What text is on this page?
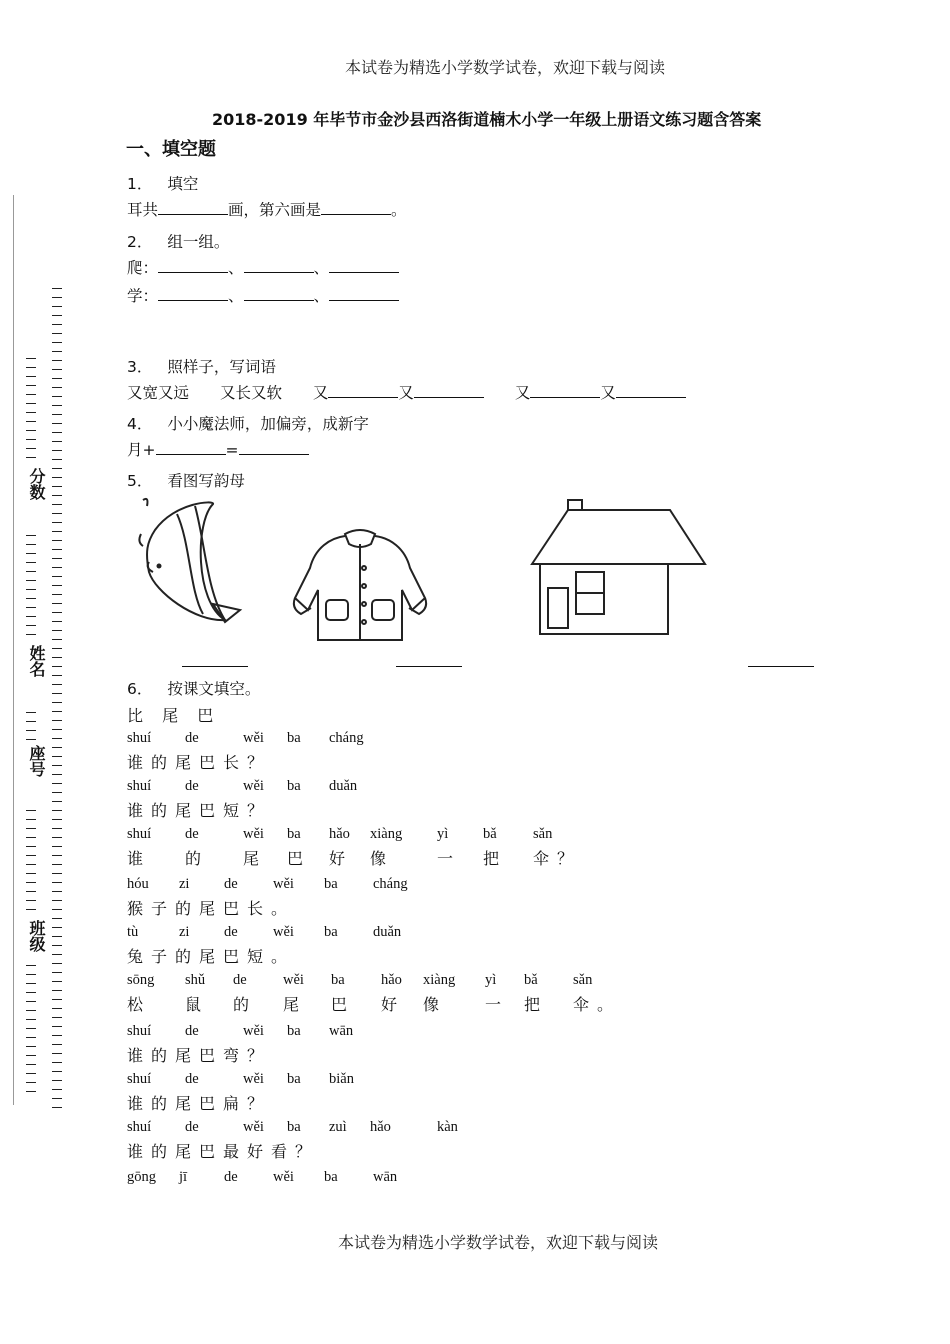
本试卷为精选小学数学试卷，欢迎下载与阅读
2018-2019 年毕节市金沙县西洛街道楠木小学一年级上册语文练习题含答案
一、填空题
分数
姓名
座号
班级
1． 填空
耳共	画，第六画是	。
2． 组一组。
爬：	、	、
学：	、	、
3． 照样子，写词语
又宽又远 又长又软 又	又	又	又
4． 小小魔法师，加偏旁，成新字
月+	=
5． 看图写韵母
6． 按课文填空。
比 尾 巴
shuí de	wěi ba cháng
谁 的 尾 巴 长 ？
shuí de	wěi ba duǎn
谁 的 尾 巴 短 ？
shuí de	wěi ba hǎo xiàng yì bǎ	sǎn
谁	的	尾 巴 好 像	一 把 伞 ？
hóu zi de wěi ba cháng
猴 子 的 尾 巴 长 。
tù	zi de wěi ba duǎn
兔 子 的 尾 巴 短 。
sōng shǔ de	wěi ba	hǎo xiàng yì bǎ sǎn
松	鼠 的 尾 巴 好 像	一 把 伞 。
shuí de	wěi ba wān
谁 的 尾 巴 弯 ？
shuí de	wěi ba biǎn
谁 的 尾 巴 扁 ？
shuí de	wěi ba zuì hǎo	kàn
谁 的 尾 巴 最 好 看 ？
gōng jī	de wěi ba wān
本试卷为精选小学数学试卷，欢迎下载与阅读
